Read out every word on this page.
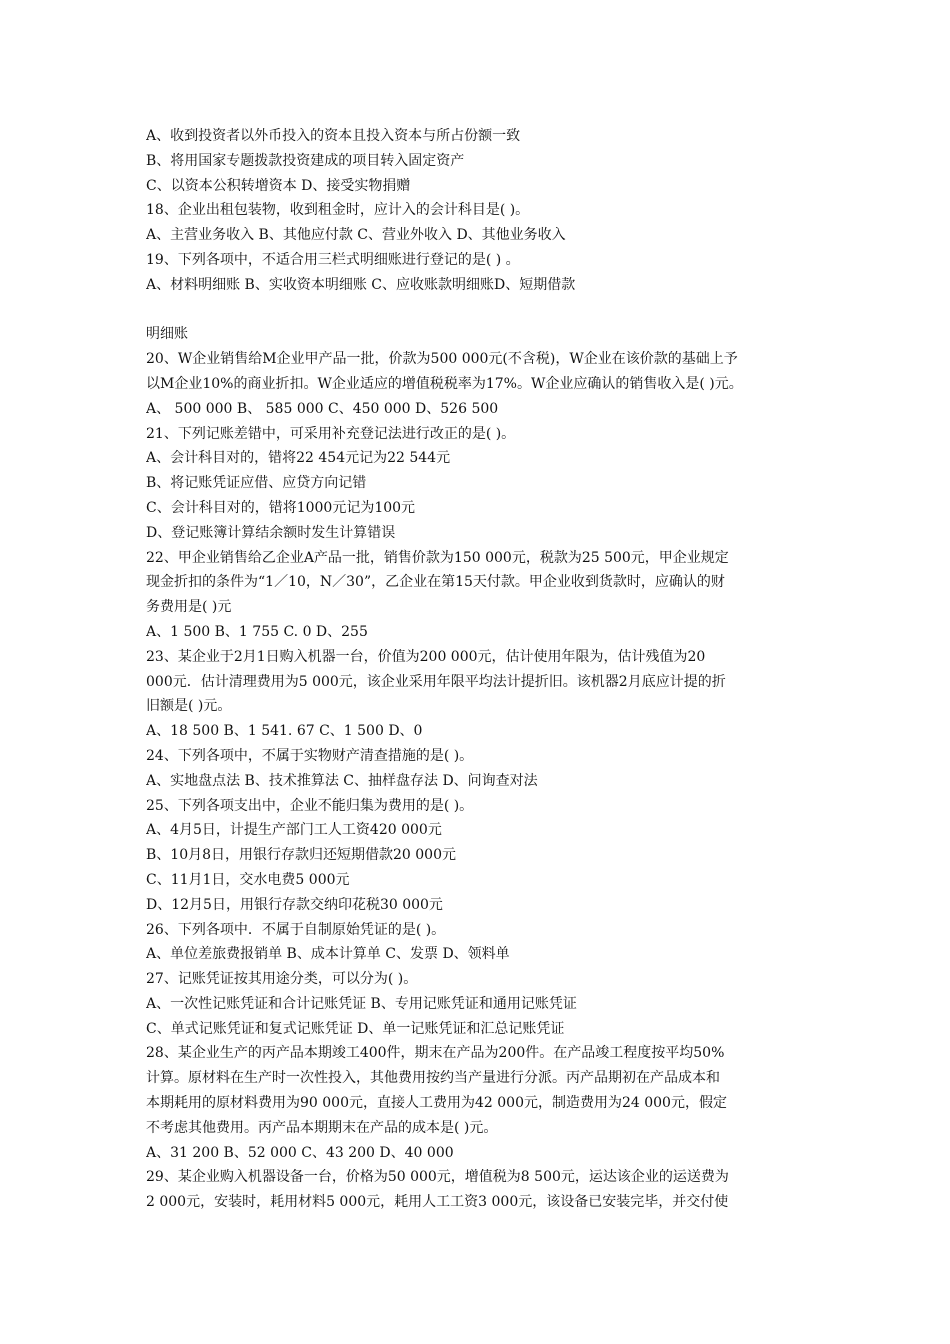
A、收到投资者以外币投入的资本且投入资本与所占份额一致
B、将用国家专题拨款投资建成的项目转入固定资产
C、以资本公积转增资本 D、接受实物捐赠
18、企业出租包装物，收到租金时，应计入的会计科目是( )。
A、主营业务收入 B、其他应付款 C、营业外收入 D、其他业务收入
19、下列各项中，不适合用三栏式明细账进行登记的是( ) 。
A、材料明细账 B、实收资本明细账 C、应收账款明细账D、短期借款
明细账
20、W企业销售给M企业甲产品一批，价款为500 000元(不含税)，W企业在该价款的基础上予
以M企业10%的商业折扣。W企业适应的增值税税率为17%。W企业应确认的销售收入是( )元。
A、 500 000 B、 585 000 C、450 000 D、526 500
21、下列记账差错中，可采用补充登记法进行改正的是( )。
A、会计科目对的，错将22 454元记为22 544元
B、将记账凭证应借、应贷方向记错
C、会计科目对的，错将1000元记为100元
D、登记账簿计算结余额时发生计算错误
22、甲企业销售给乙企业A产品一批，销售价款为150 000元，税款为25 500元，甲企业规定
现金折扣的条件为“1／10，N／30”，乙企业在第15天付款。甲企业收到货款时，应确认的财
务费用是( )元
A、1 500 B、1 755 C. 0 D、255
23、某企业于2月1日购入机器一台，价值为200 000元，估计使用年限为，估计残值为20
000元．估计清理费用为5 000元，该企业采用年限平均法计提折旧。该机器2月底应计提的折
旧额是( )元。
A、18 500 B、1 541. 67 C、1 500 D、0
24、下列各项中，不属于实物财产清查措施的是( )。
A、实地盘点法 B、技术推算法 C、抽样盘存法 D、问询查对法
25、下列各项支出中，企业不能归集为费用的是( )。
A、4月5日，计提生产部门工人工资420 000元
B、10月8日，用银行存款归还短期借款20 000元
C、11月1日，交水电费5 000元
D、12月5日，用银行存款交纳印花税30 000元
26、下列各项中．不属于自制原始凭证的是( )。
A、单位差旅费报销单 B、成本计算单 C、发票 D、领料单
27、记账凭证按其用途分类，可以分为( )。
A、一次性记账凭证和合计记账凭证 B、专用记账凭证和通用记账凭证
C、单式记账凭证和复式记账凭证 D、单一记账凭证和汇总记账凭证
28、某企业生产的丙产品本期竣工400件，期末在产品为200件。在产品竣工程度按平均50%
计算。原材料在生产时一次性投入，其他费用按约当产量进行分派。丙产品期初在产品成本和
本期耗用的原材料费用为90 000元，直接人工费用为42 000元，制造费用为24 000元，假定
不考虑其他费用。丙产品本期期末在产品的成本是( )元。
A、31 200 B、52 000 C、43 200 D、40 000
29、某企业购入机器设备一台，价格为50 000元，增值税为8 500元，运达该企业的运送费为
2 000元，安装时，耗用材料5 000元，耗用人工工资3 000元，该设备已安装完毕，并交付使
